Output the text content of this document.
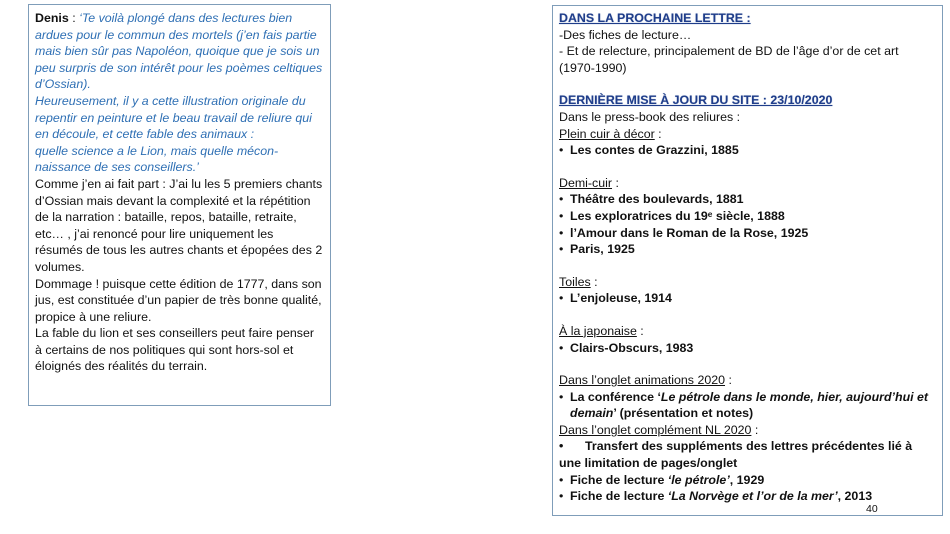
Denis : ‘Te voilà plongé dans des lectures bien ardues pour le commun des mortels (j’en fais partie mais bien sûr pas Napoléon, quoique que je sois un peu surpris de son intérêt pour les poèmes celtiques d’Ossian).

Heureusement, il y a cette illustration originale du repentir en peinture et le beau travail de reliure qui en découle, et cette fable des animaux :

quelle science a le Lion, mais quelle mécon- naissance de ses conseillers.’

Comme j’en ai fait part : J’ai lu les 5 premiers chants d’Ossian mais devant la complexité et la répétition de la narration : bataille, repos, bataille, retraite, etc… , j’ai renoncé pour lire uniquement les résumés de tous les autres chants et épopées des 2 volumes.

Dommage ! puisque cette édition de 1777, dans son jus, est constituée d’un papier de très bonne qualité, propice à une reliure.

La fable du lion et ses conseillers peut faire penser à certains de nos politiques qui sont hors-sol et éloignés des réalités du terrain.

DANS LA PROCHAINE LETTRE :

-Des fiches de lecture…

- Et de relecture, principalement de BD de l’âge d’or de cet art (1970-1990)

DERNIÈRE MISE À JOUR DU SITE : 23/10/2020

Dans le press-book des reliures :

Plein cuir à décor :

• Les contes de Grazzini, 1885

Demi-cuir :

• Théâtre des boulevards, 1881
• Les exploratrices du 19ᵉ siècle, 1888
• l’Amour dans le Roman de la Rose, 1925
• Paris, 1925

Toiles :

• L’enjoleuse, 1914

À la japonaise :

• Clairs-Obscurs, 1983

Dans l’onglet animations 2020 :

• La conférence ‘Le pétrole dans le monde, hier, aujourd’hui et demain’ (présentation et notes)

Dans l’onglet complément NL 2020 :

• Transfert des suppléments des lettres précédentes lié à une limitation de pages/onglet

• Fiche de lecture ‘le pétrole’, 1929
• Fiche de lecture ‘La Norvège et l’or de la mer’, 2013
40
